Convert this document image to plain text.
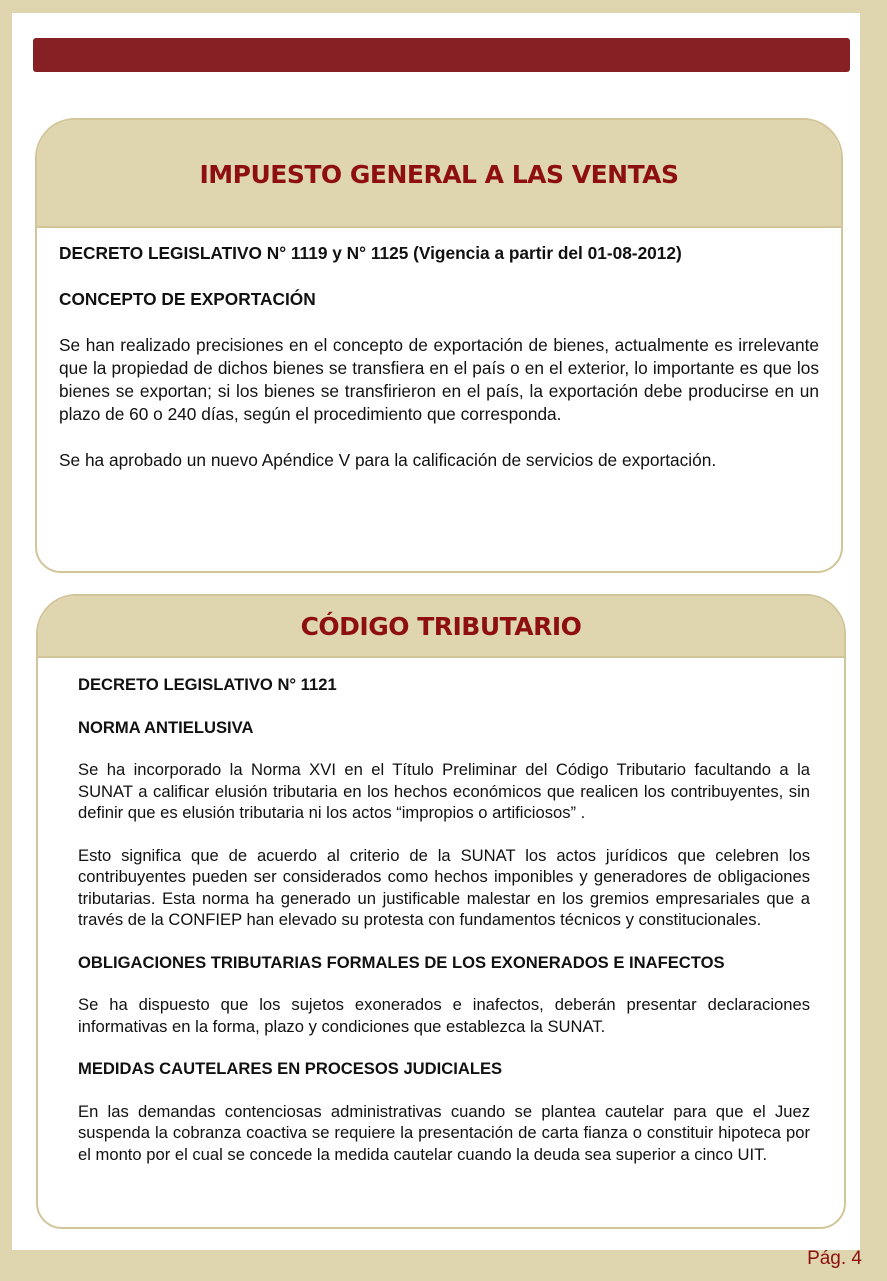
IMPUESTO GENERAL A LAS VENTAS

DECRETO LEGISLATIVO N° 1119 y N° 1125 (Vigencia a partir del 01-08-2012)

CONCEPTO DE EXPORTACIÓN

Se han realizado precisiones en el concepto de exportación de bienes, actualmente es irrelevante que la propiedad de dichos bienes se transfiera en el país o en el exterior, lo importante es que los bienes se exportan; si los bienes se transfirieron en el país, la exportación debe producirse en un plazo de 60 o 240 días, según el procedimiento que corresponda.

Se ha aprobado un nuevo Apéndice V para la calificación de servicios de exportación.

CÓDIGO TRIBUTARIO

DECRETO LEGISLATIVO N° 1121

NORMA ANTIELUSIVA

Se ha incorporado la Norma XVI en el Título Preliminar del Código Tributario facultando a la SUNAT a calificar elusión tributaria en los hechos económicos que realicen los contribuyentes, sin definir que es elusión tributaria ni los actos “impropios o artificiosos” .

Esto significa que de acuerdo al criterio de la SUNAT los actos jurídicos que celebren los contribuyentes pueden ser considerados como hechos imponibles y generadores de obligaciones tributarias. Esta norma ha generado un justificable malestar en los gremios empresariales que a través de la CONFIEP han elevado su protesta con fundamentos técnicos y constitucionales.

OBLIGACIONES TRIBUTARIAS FORMALES DE LOS EXONERADOS E INAFECTOS

Se ha dispuesto que los sujetos exonerados e inafectos, deberán presentar declaraciones informativas en la forma, plazo y condiciones que establezca la SUNAT.

MEDIDAS CAUTELARES EN PROCESOS JUDICIALES

En las demandas contenciosas administrativas cuando se plantea cautelar para que el Juez suspenda la cobranza coactiva se requiere la presentación de carta fianza o constituir hipoteca por el monto por el cual se concede la medida cautelar cuando la deuda sea superior a cinco UIT.

Pág. 4
